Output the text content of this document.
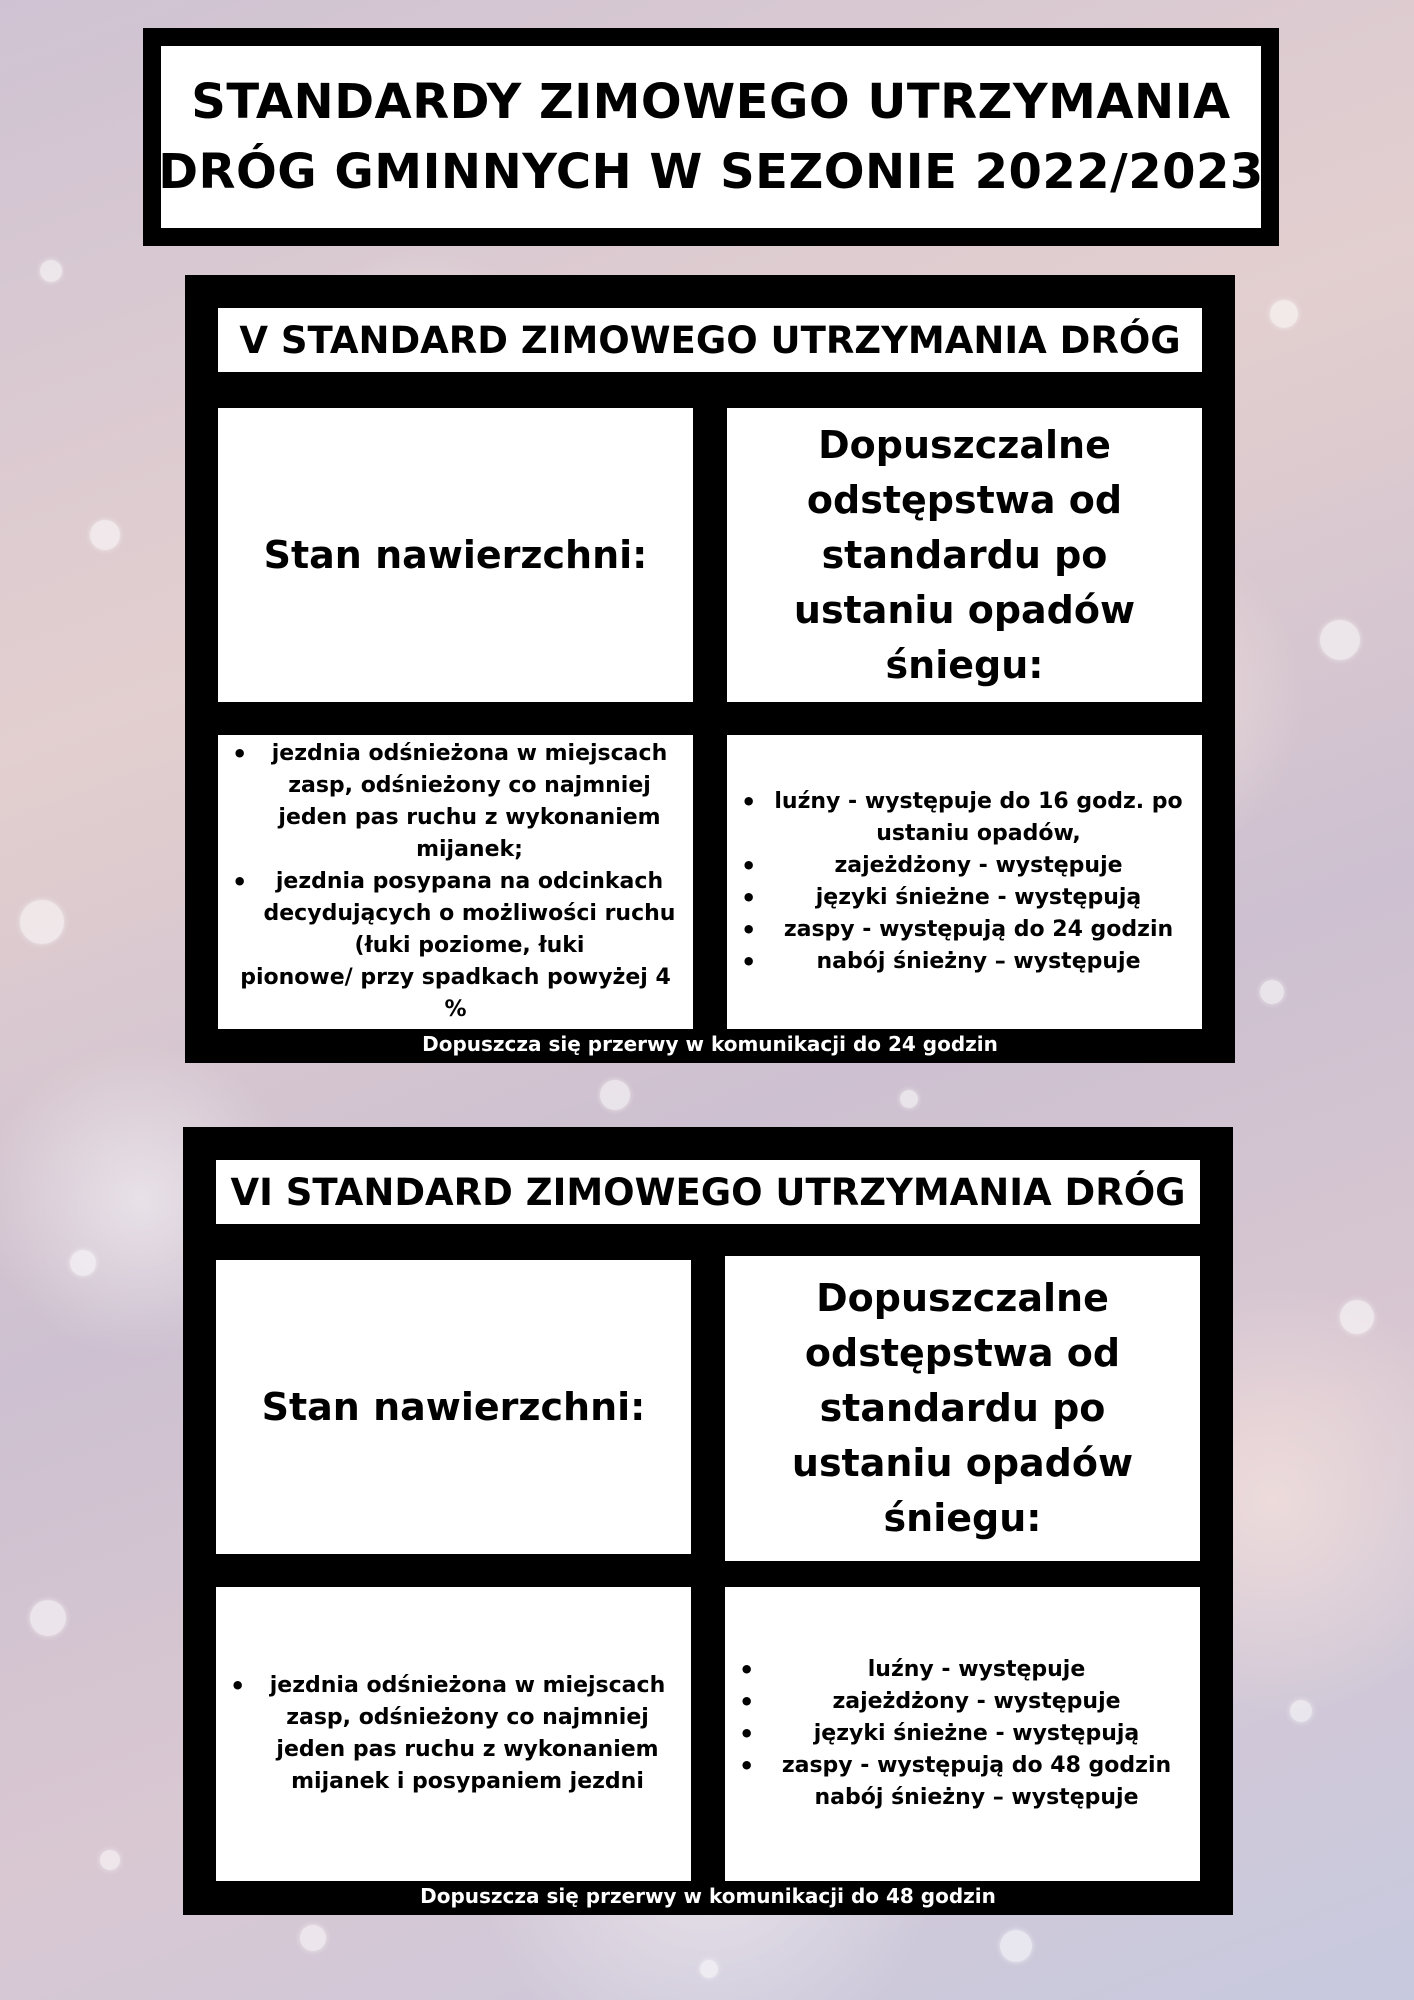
STANDARDY ZIMOWEGO UTRZYMANIA
DRÓG GMINNYCH W SEZONIE 2022/2023
V STANDARD ZIMOWEGO UTRZYMANIA DRÓG
Stan nawierzchni:
Dopuszczalne odstępstwa od standardu po ustaniu opadów śniegu:
• jezdnia odśnieżona w miejscach zasp, odśnieżony co najmniej jeden pas ruchu z wykonaniem mijanek;
• jezdnia posypana na odcinkach decydujących o możliwości ruchu (łuki poziome, łuki
pionowe/ przy spadkach powyżej 4 %
• luźny - występuje do 16 godz. po ustaniu opadów,
• zajeżdżony - występuje
• języki śnieżne - występują
• zaspy - występują do 24 godzin
• nabój śnieżny – występuje
Dopuszcza się przerwy w komunikacji do 24 godzin
VI STANDARD ZIMOWEGO UTRZYMANIA DRÓG
Stan nawierzchni:
Dopuszczalne odstępstwa od standardu po ustaniu opadów śniegu:
• jezdnia odśnieżona w miejscach zasp, odśnieżony co najmniej jeden pas ruchu z wykonaniem mijanek i posypaniem jezdni
• luźny - występuje
• zajeżdżony - występuje
• języki śnieżne - występują
• zaspy - występują do 48 godzin
nabój śnieżny – występuje
Dopuszcza się przerwy w komunikacji do 48 godzin
